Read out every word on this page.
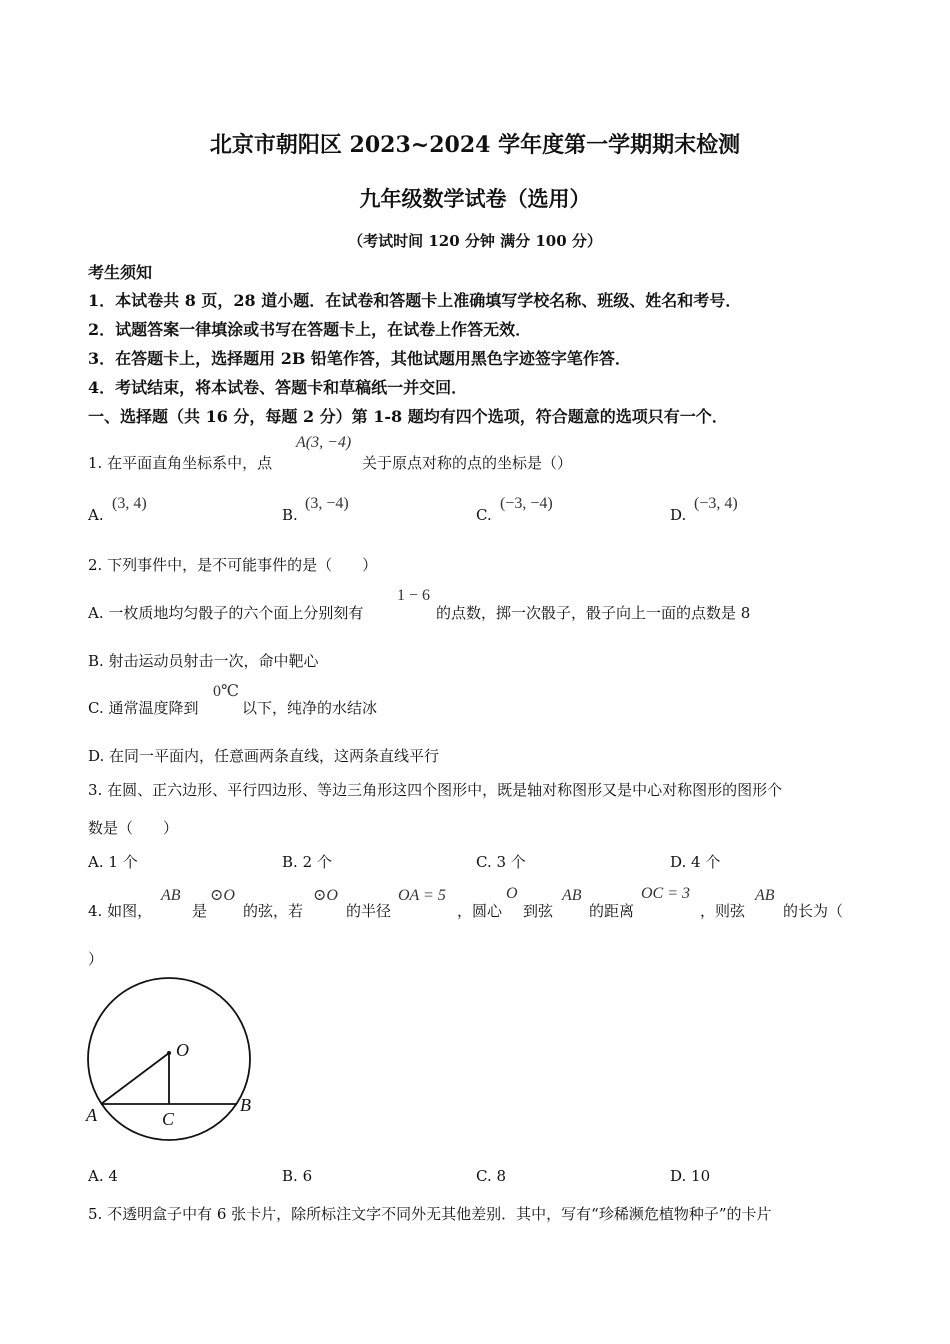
北京市朝阳区 2023~2024 学年度第一学期期末检测
九年级数学试卷（选用）
（考试时间 120 分钟 满分 100 分）
考生须知
1．本试卷共 8 页，28 道小题．在试卷和答题卡上准确填写学校名称、班级、姓名和考号．
2．试题答案一律填涂或书写在答题卡上，在试卷上作答无效．
3．在答题卡上，选择题用 2B 铅笔作答，其他试题用黑色字迹签字笔作答．
4．考试结束，将本试卷、答题卡和草稿纸一并交回．
一、选择题（共 16 分，每题 2 分）第 1-8 题均有四个选项，符合题意的选项只有一个．
1. 在平面直角坐标系中，点
A(3, −4)
关于原点对称的点的坐标是（）
A.
(3, 4)
B.
(3, −4)
C.
(−3, −4)
D.
(−3, 4)
2. 下列事件中，是不可能事件的是（　　）
A. 一枚质地均匀骰子的六个面上分别刻有
1 − 6
的点数，掷一次骰子，骰子向上一面的点数是 8
B. 射击运动员射击一次，命中靶心
C. 通常温度降到
0℃
以下，纯净的水结冰
D. 在同一平面内，任意画两条直线，这两条直线平行
3. 在圆、正六边形、平行四边形、等边三角形这四个图形中，既是轴对称图形又是中心对称图形的图形个
数是（　　）
A. 1 个	B. 2 个	C. 3 个	D. 4 个
4. 如图，
AB
是
⊙O
的弦，若
⊙O
的半径
OA = 5
，圆心
O
到弦
AB
的距离
OC = 3
，则弦
AB
的长为（
）
O
A	B
C
A. 4	B. 6	C. 8	D. 10
5. 不透明盒子中有 6 张卡片，除所标注文字不同外无其他差别．其中，写有“珍稀濒危植物种子”的卡片
